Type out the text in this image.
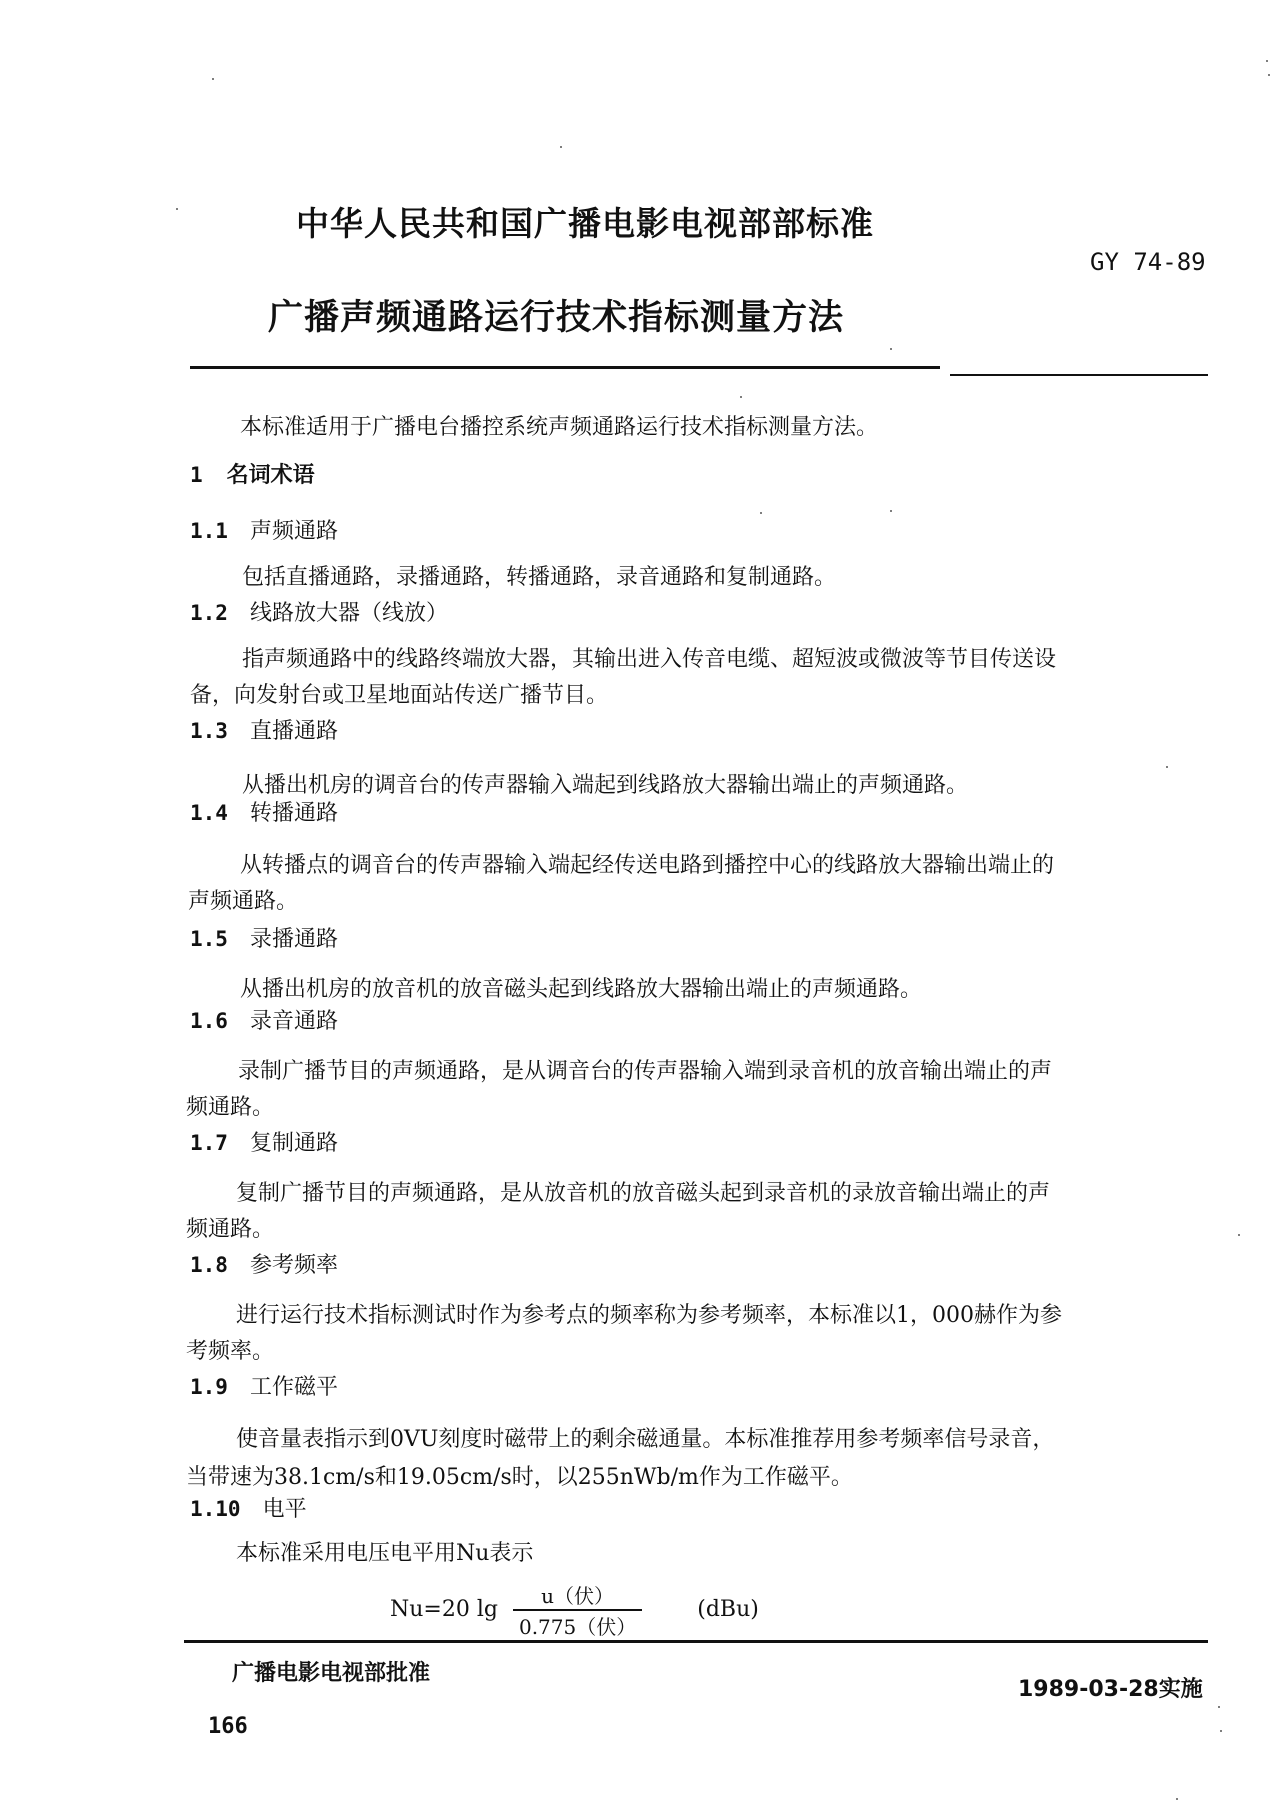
中华人民共和国广播电影电视部部标准
GY 74-89
广播声频通路运行技术指标测量方法
本标准适用于广播电台播控系统声频通路运行技术指标测量方法。
1 名词术语
1.1 声频通路
包括直播通路，录播通路，转播通路，录音通路和复制通路。
1.2 线路放大器（线放）
指声频通路中的线路终端放大器，其输出进入传音电缆、超短波或微波等节目传送设
备，向发射台或卫星地面站传送广播节目。
1.3 直播通路
从播出机房的调音台的传声器输入端起到线路放大器输出端止的声频通路。
1.4 转播通路
从转播点的调音台的传声器输入端起经传送电路到播控中心的线路放大器输出端止的
声频通路。
1.5 录播通路
从播出机房的放音机的放音磁头起到线路放大器输出端止的声频通路。
1.6 录音通路
录制广播节目的声频通路，是从调音台的传声器输入端到录音机的放音输出端止的声
频通路。
1.7 复制通路
复制广播节目的声频通路，是从放音机的放音磁头起到录音机的录放音输出端止的声
频通路。
1.8 参考频率
进行运行技术指标测试时作为参考点的频率称为参考频率，本标准以1，000赫作为参
考频率。
1.9 工作磁平
使音量表指示到0VU刻度时磁带上的剩余磁通量。本标准推荐用参考频率信号录音，
当带速为38.1cm/s和19.05cm/s时，以255nWb/m作为工作磁平。
1.10 电平
本标准采用电压电平用Nu表示
Nu=20 $\lg \frac{\text{u（伏）}}{\text{0.775（伏）}}$	(dBu)
广播电影电视部批准
1989-03-28实施
166
